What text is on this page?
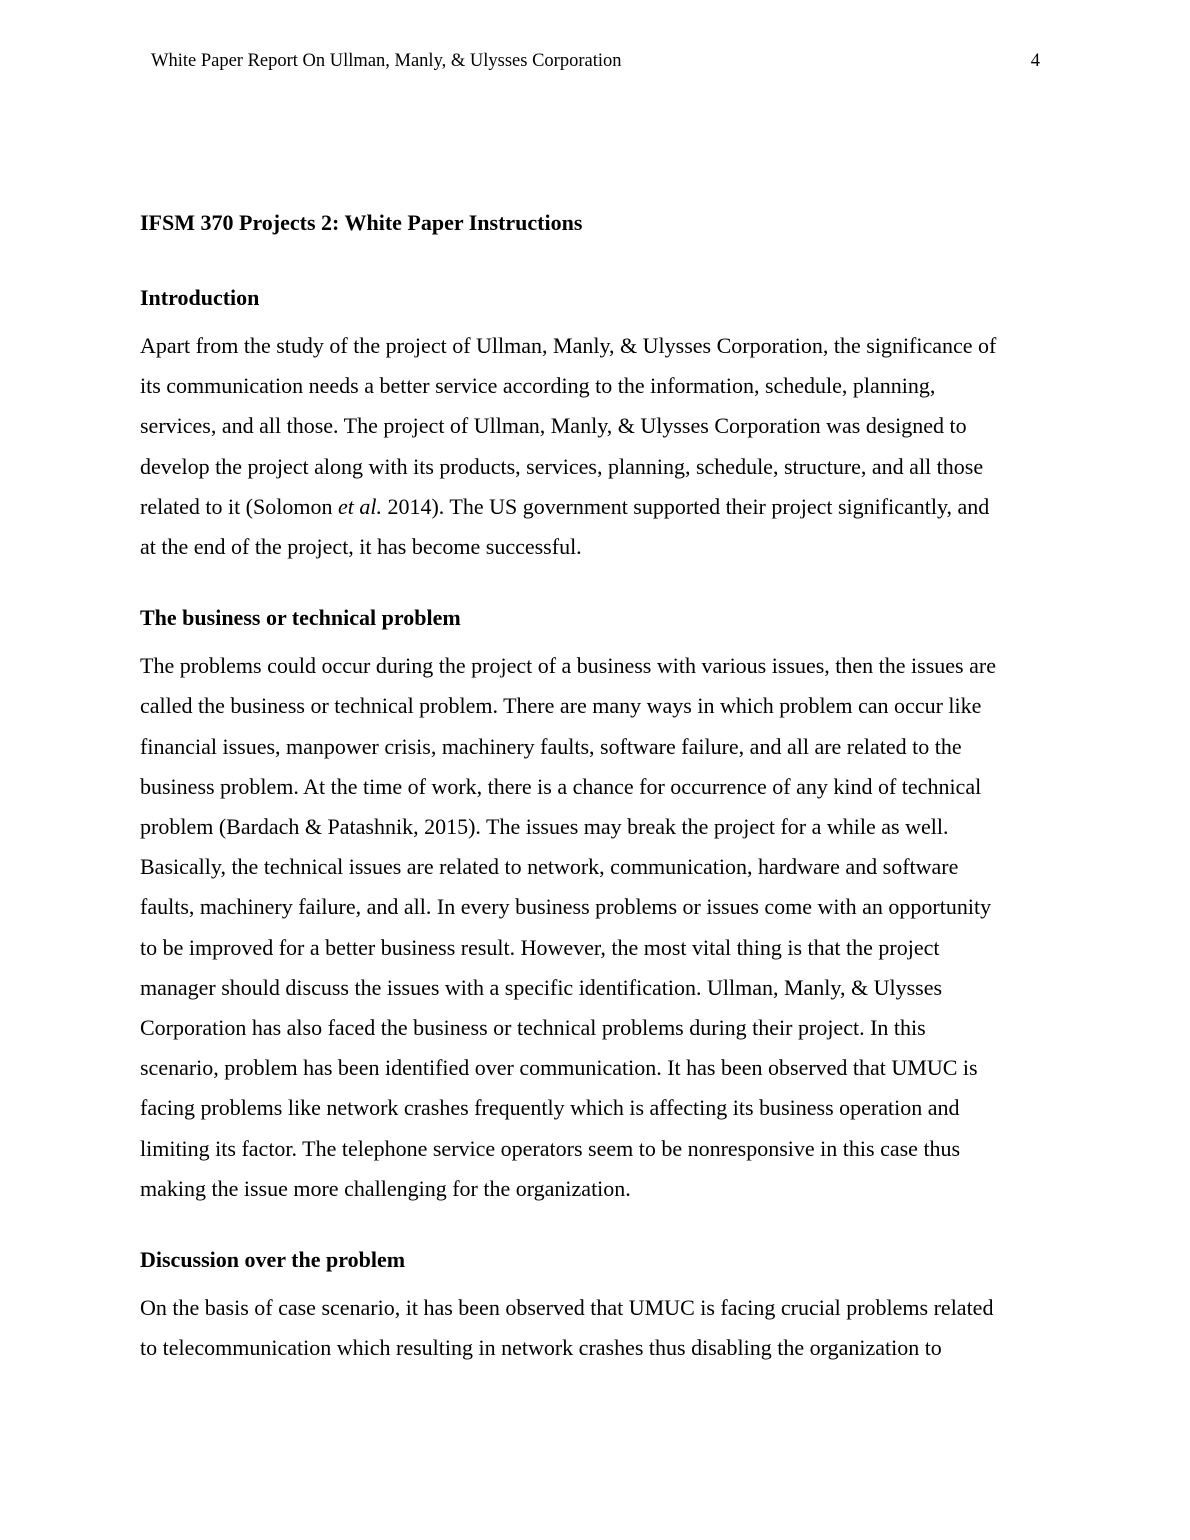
White Paper Report On Ullman, Manly, & Ulysses Corporation	4
IFSM 370 Projects 2: White Paper Instructions
Introduction

Apart from the study of the project of Ullman, Manly, & Ulysses Corporation, the significance of
its communication needs a better service according to the information, schedule, planning,
services, and all those. The project of Ullman, Manly, & Ulysses Corporation was designed to
develop the project along with its products, services, planning, schedule, structure, and all those
related to it (Solomon et al. 2014). The US government supported their project significantly, and
at the end of the project, it has become successful.

The business or technical problem

The problems could occur during the project of a business with various issues, then the issues are
called the business or technical problem. There are many ways in which problem can occur like
financial issues, manpower crisis, machinery faults, software failure, and all are related to the
business problem. At the time of work, there is a chance for occurrence of any kind of technical
problem (Bardach & Patashnik, 2015). The issues may break the project for a while as well.
Basically, the technical issues are related to network, communication, hardware and software
faults, machinery failure, and all. In every business problems or issues come with an opportunity
to be improved for a better business result. However, the most vital thing is that the project
manager should discuss the issues with a specific identification. Ullman, Manly, & Ulysses
Corporation has also faced the business or technical problems during their project. In this
scenario, problem has been identified over communication. It has been observed that UMUC is
facing problems like network crashes frequently which is affecting its business operation and
limiting its factor. The telephone service operators seem to be nonresponsive in this case thus
making the issue more challenging for the organization.

Discussion over the problem

On the basis of case scenario, it has been observed that UMUC is facing crucial problems related
to telecommunication which resulting in network crashes thus disabling the organization to
